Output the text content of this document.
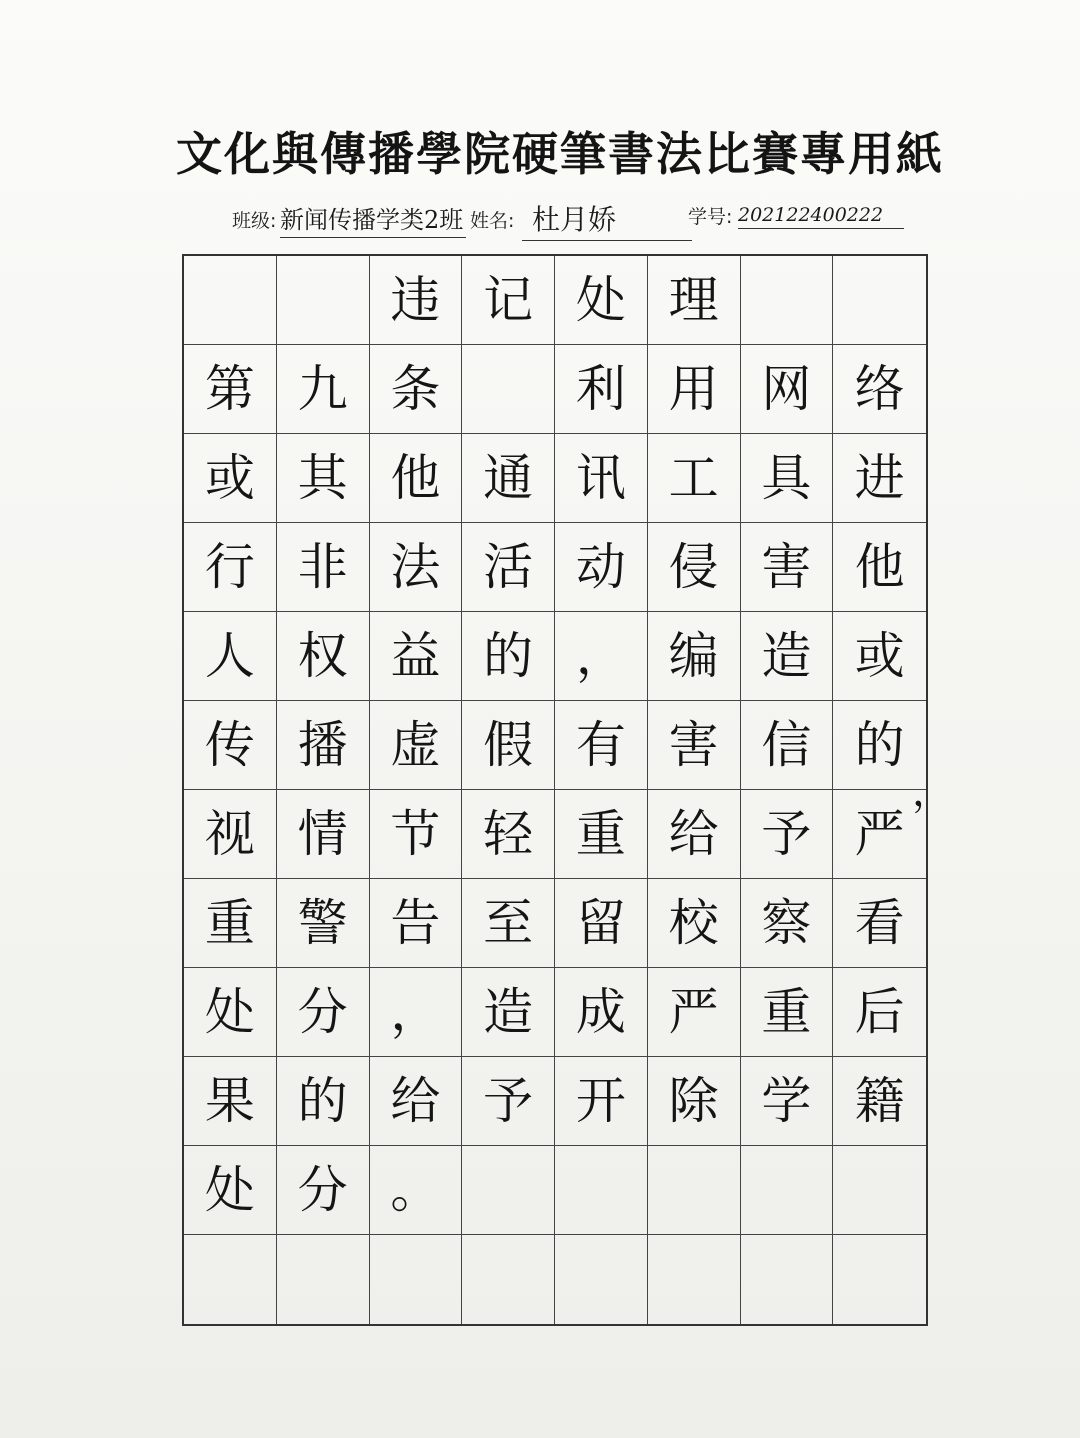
文化與傳播學院硬筆書法比賽專用紙
班级: 新闻传播学类2班 姓名: 杜月娇	学号: 202122400222
违 记 处 理
第 九 条	利 用 网 络
或 其 他 通 讯 工 具 进
行 非 法 活 动 侵 害 他
人 权 益 的 ， 编 造 或
传 播 虚 假 有 害 信 的
视 情 节 轻 重 给 予 严
重 警 告 至 留 校 察 看
处 分 ， 造 成 严 重 后
果 的 给 予 开 除 学 籍
处 分 。
，
